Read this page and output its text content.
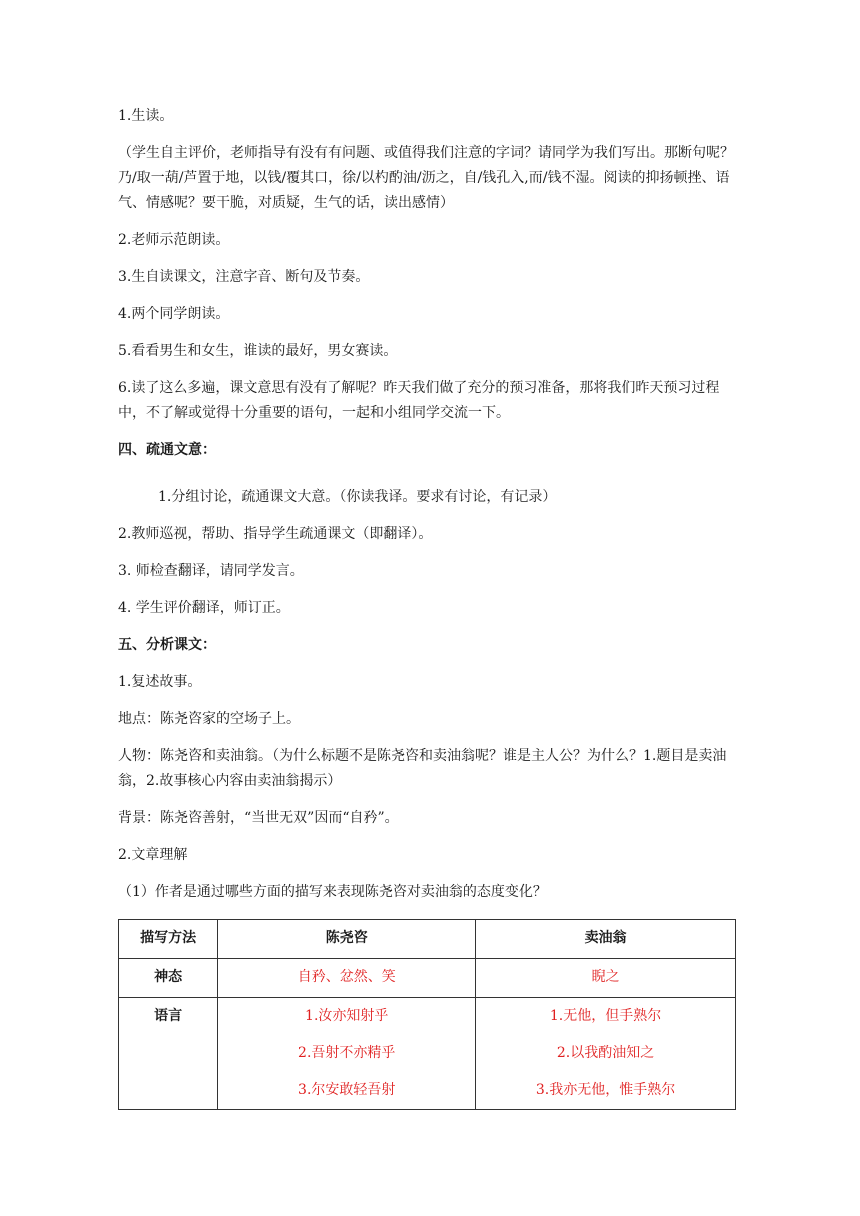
1.生读。

（学生自主评价，老师指导有没有有问题、或值得我们注意的字词？请同学为我们写出。那断句呢？乃/取一葫/芦置于地，以钱/覆其口，徐/以杓酌油/沥之，自/钱孔入,而/钱不湿。阅读的抑扬顿挫、语气、情感呢？要干脆，对质疑，生气的话，读出感情）

2.老师示范朗读。

3.生自读课文，注意字音、断句及节奏。

4.两个同学朗读。

5.看看男生和女生，谁读的最好，男女赛读。

6.读了这么多遍，课文意思有没有了解呢？昨天我们做了充分的预习准备，那将我们昨天预习过程中，不了解或觉得十分重要的语句，一起和小组同学交流一下。

四、疏通文意：

1.分组讨论，疏通课文大意。（你读我译。要求有讨论，有记录）

2.教师巡视，帮助、指导学生疏通课文（即翻译）。

3. 师检查翻译，请同学发言。

4. 学生评价翻译，师订正。

五、分析课文：

1.复述故事。

地点：陈尧咨家的空场子上。

人物：陈尧咨和卖油翁。（为什么标题不是陈尧咨和卖油翁呢？谁是主人公？为什么？1.题目是卖油翁，2.故事核心内容由卖油翁揭示）

背景：陈尧咨善射，“当世无双”因而“自矜”。

2.文章理解

（1）作者是通过哪些方面的描写来表现陈尧咨对卖油翁的态度变化？

描写方法	陈尧咨	卖油翁

神态	自矜、忿然、笑	睨之

语言	1.汝亦知射乎
2.吾射不亦精乎
3.尔安敢轻吾射	1.无他，但手熟尔
2.以我酌油知之
3.我亦无他，惟手熟尔
